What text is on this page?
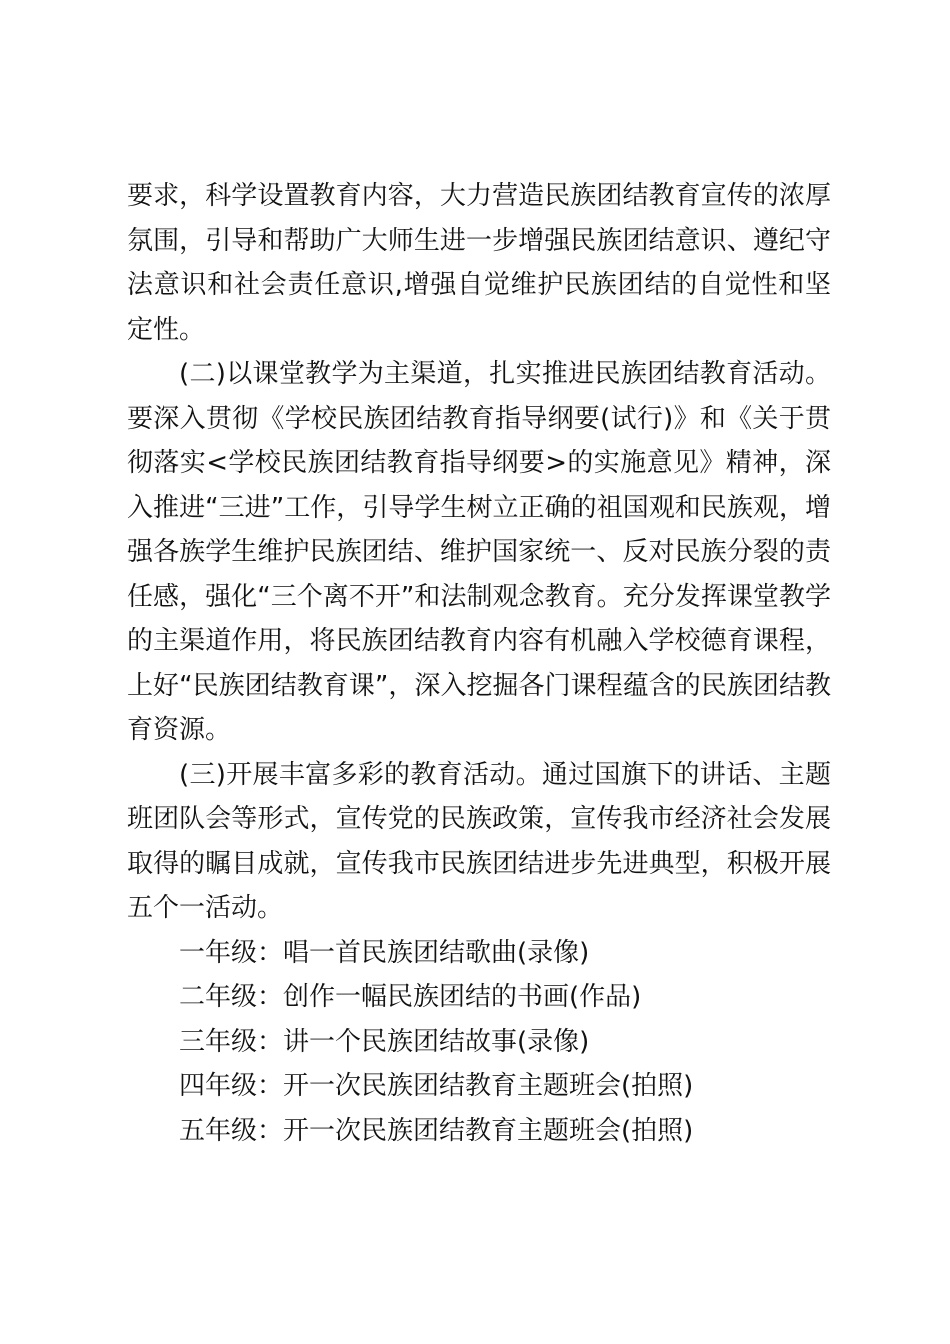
要求，科学设置教育内容，大力营造民族团结教育宣传的浓厚氛围，引导和帮助广大师生进一步增强民族团结意识、遵纪守法意识和社会责任意识,增强自觉维护民族团结的自觉性和坚定性。

(二)以课堂教学为主渠道，扎实推进民族团结教育活动。要深入贯彻《学校民族团结教育指导纲要(试行)》和《关于贯彻落实<学校民族团结教育指导纲要>的实施意见》精神，深入推进“三进”工作，引导学生树立正确的祖国观和民族观，增强各族学生维护民族团结、维护国家统一、反对民族分裂的责任感，强化“三个离不开”和法制观念教育。充分发挥课堂教学的主渠道作用，将民族团结教育内容有机融入学校德育课程，上好“民族团结教育课”，深入挖掘各门课程蕴含的民族团结教育资源。

(三)开展丰富多彩的教育活动。通过国旗下的讲话、主题班团队会等形式，宣传党的民族政策，宣传我市经济社会发展取得的瞩目成就，宣传我市民族团结进步先进典型，积极开展五个一活动。

一年级：唱一首民族团结歌曲(录像)

二年级：创作一幅民族团结的书画(作品)

三年级：讲一个民族团结故事(录像)

四年级：开一次民族团结教育主题班会(拍照)

五年级：开一次民族团结教育主题班会(拍照)
